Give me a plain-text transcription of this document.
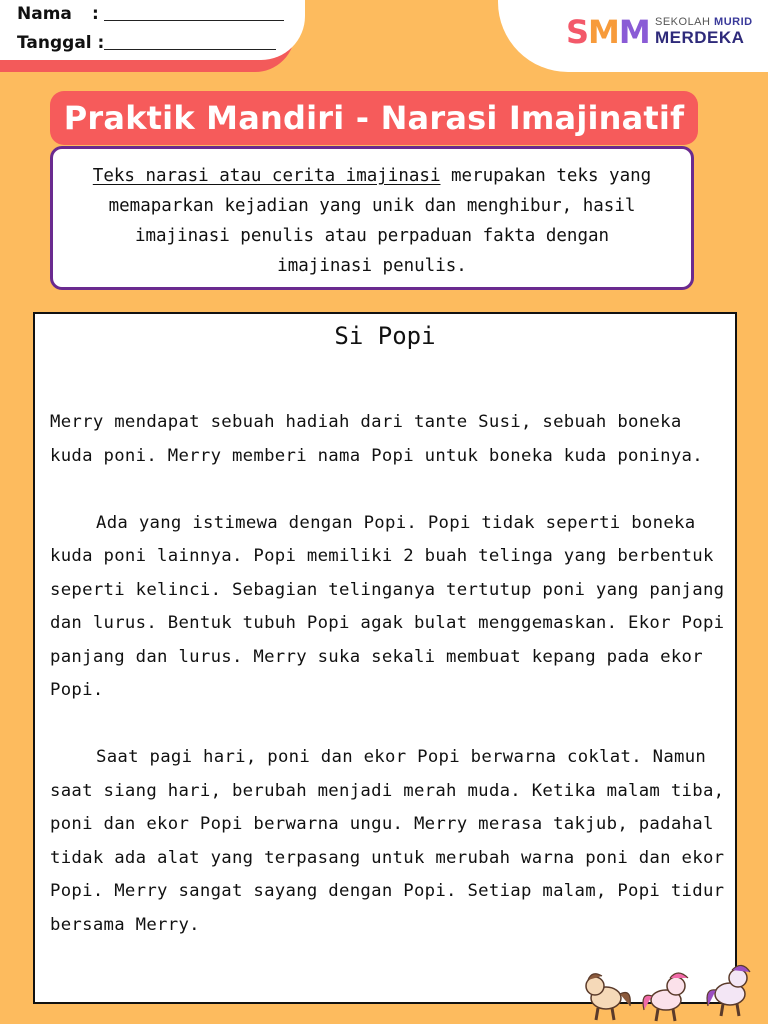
Nama :
Tanggal :	SMM SEKOLAH MURID
MERDEKA
Praktik Mandiri - Narasi Imajinatif
Teks narasi atau cerita imajinasi merupakan teks yang memaparkan kejadian yang unik dan menghibur, hasil imajinasi penulis atau perpaduan fakta dengan imajinasi penulis.
Si Popi

Merry mendapat sebuah hadiah dari tante Susi, sebuah boneka kuda poni. Merry memberi nama Popi untuk boneka kuda poninya.

Ada yang istimewa dengan Popi. Popi tidak seperti boneka kuda poni lainnya. Popi memiliki 2 buah telinga yang berbentuk seperti kelinci. Sebagian telinganya tertutup poni yang panjang dan lurus. Bentuk tubuh Popi agak bulat menggemaskan. Ekor Popi panjang dan lurus. Merry suka sekali membuat kepang pada ekor Popi.

Saat pagi hari, poni dan ekor Popi berwarna coklat. Namun saat siang hari, berubah menjadi merah muda. Ketika malam tiba, poni dan ekor Popi berwarna ungu. Merry merasa takjub, padahal tidak ada alat yang terpasang untuk merubah warna poni dan ekor Popi. Merry sangat sayang dengan Popi. Setiap malam, Popi tidur bersama Merry.
